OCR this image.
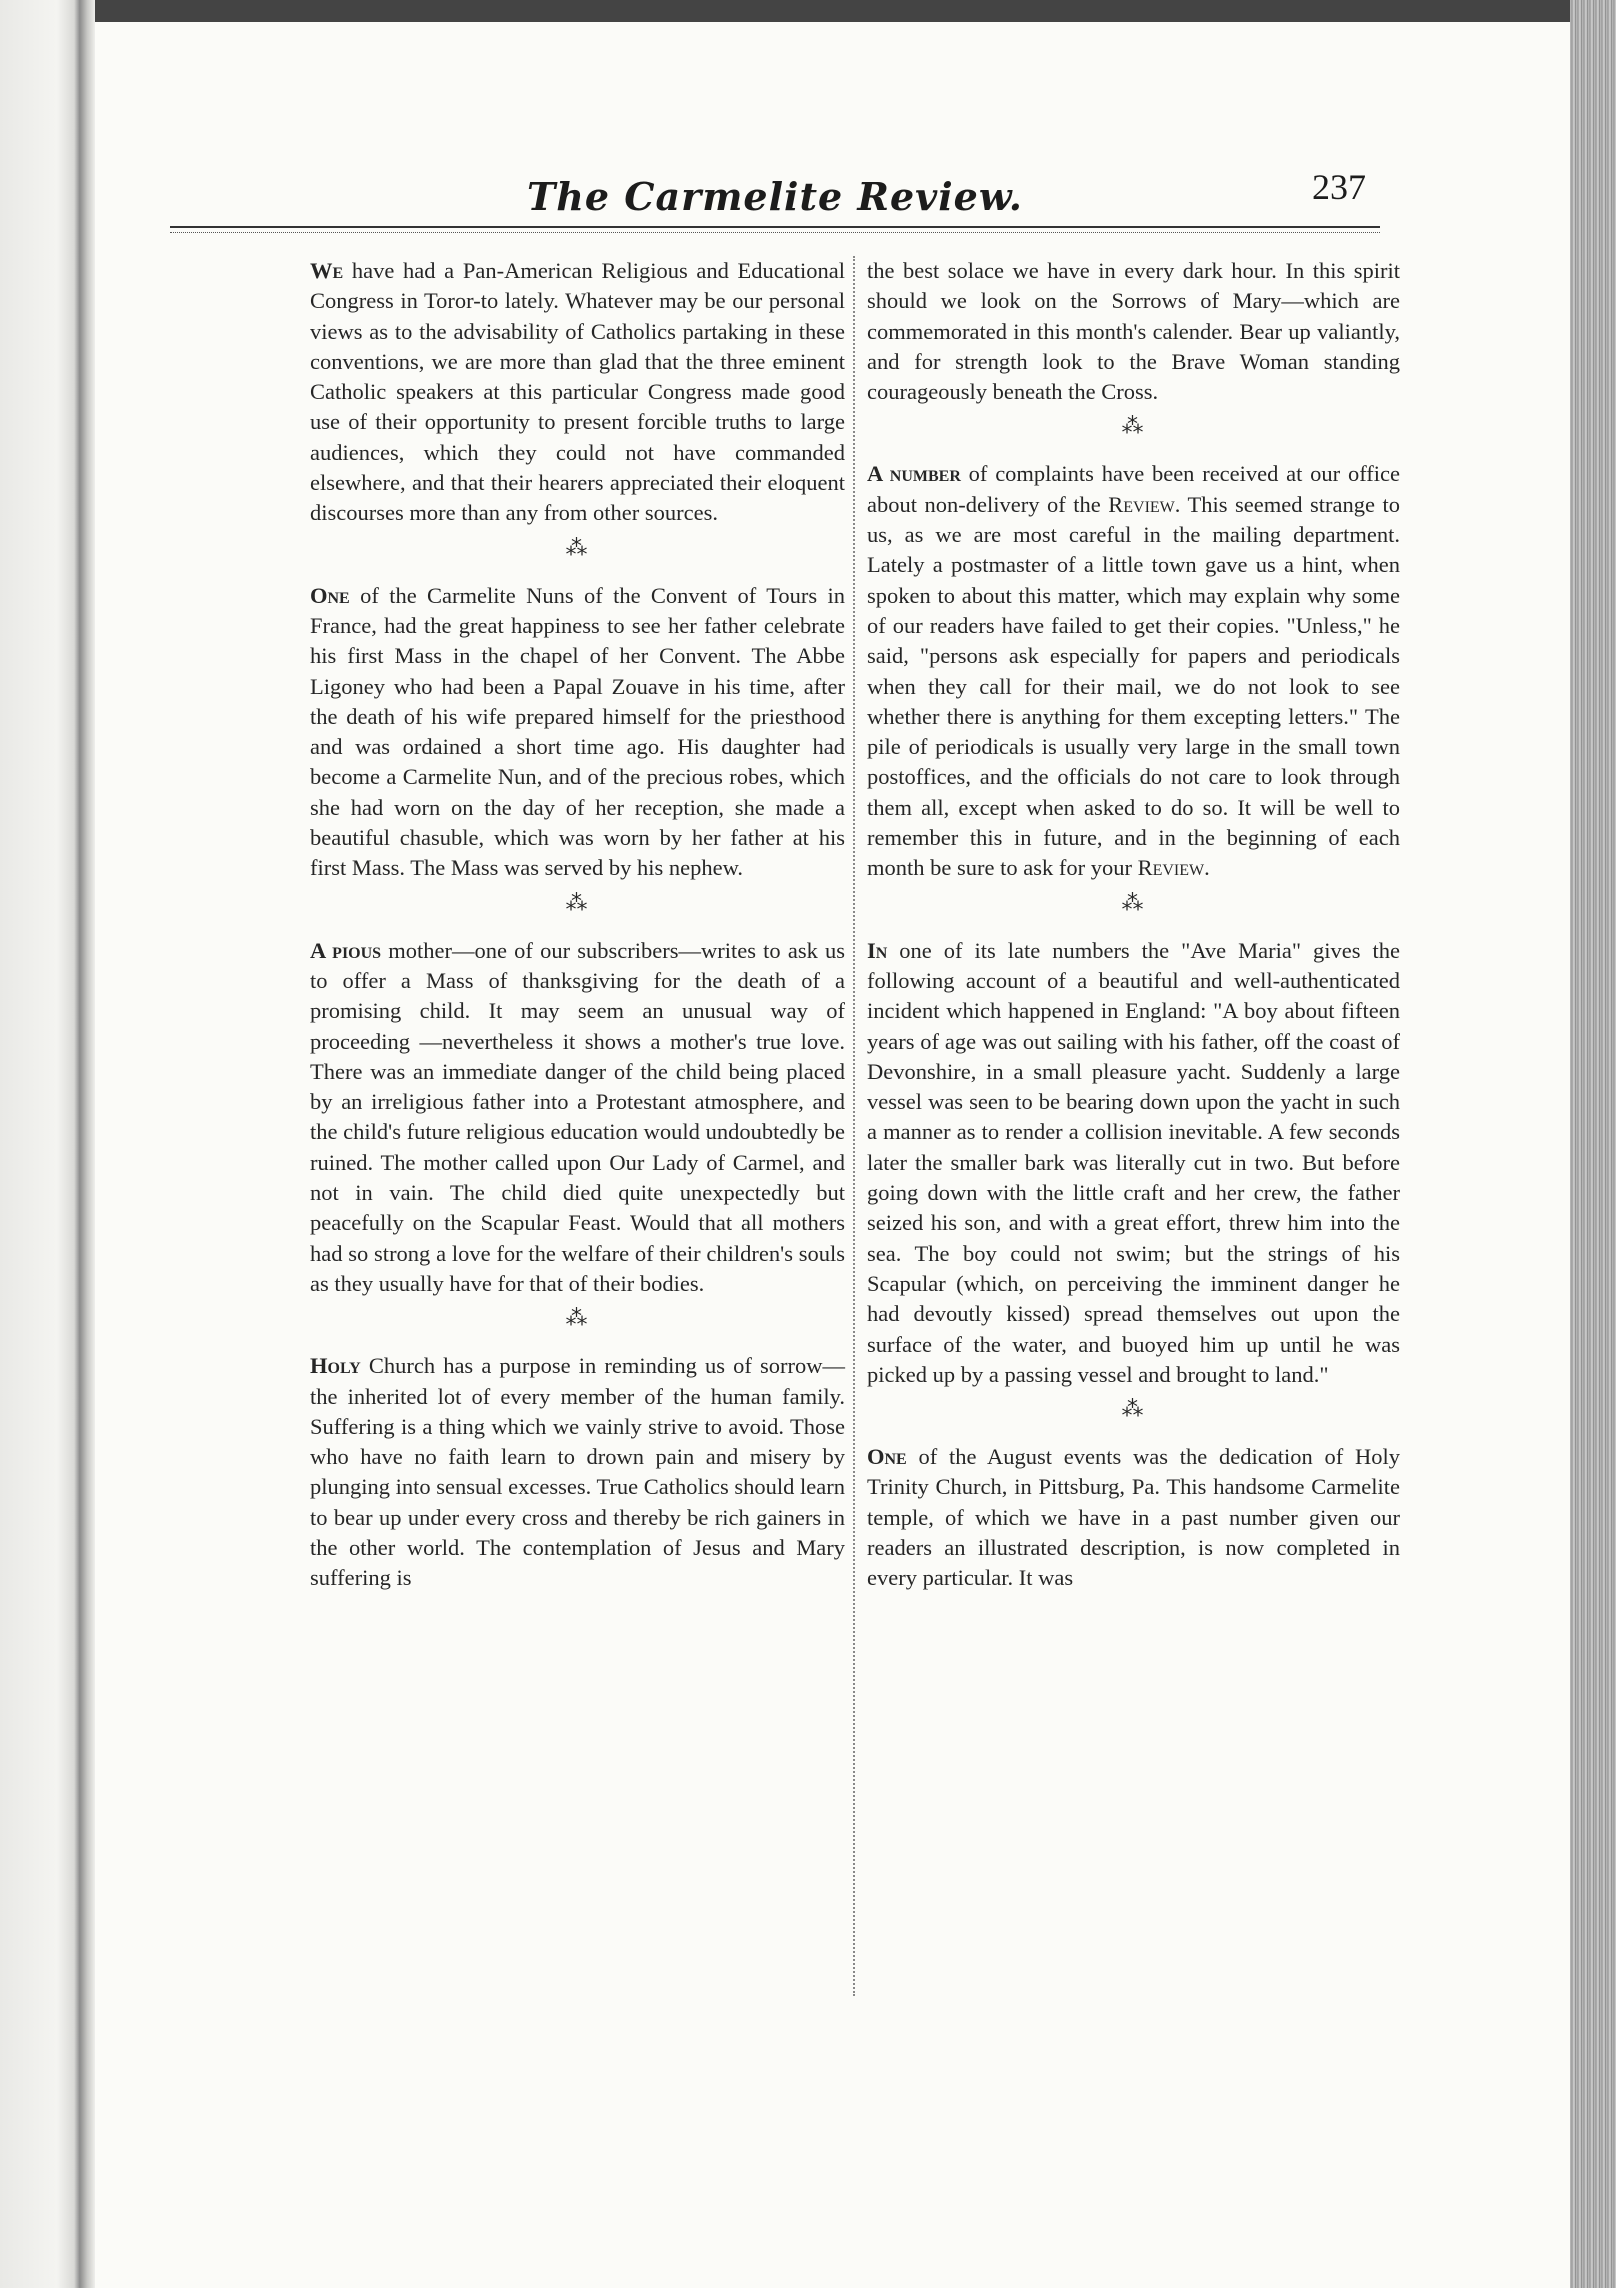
The Carmelite Review.	237

We have had a Pan-American Religious and Educational Congress in Toror-to lately. Whatever may be our personal views as to the advisability of Catholics partaking in these conventions, we are more than glad that the three eminent Catholic speakers at this particular Congress made good use of their opportunity to present forcible truths to large audiences, which they could not have commanded elsewhere, and that their hearers appreciated their eloquent discourses more than any from other sources.

⁂

One of the Carmelite Nuns of the Convent of Tours in France, had the great happiness to see her father celebrate his first Mass in the chapel of her Convent. The Abbe Ligoney who had been a Papal Zouave in his time, after the death of his wife prepared himself for the priesthood and was ordained a short time ago. His daughter had become a Carmelite Nun, and of the precious robes, which she had worn on the day of her reception, she made a beautiful chasuble, which was worn by her father at his first Mass. The Mass was served by his nephew.

⁂

A pious mother—one of our subscribers—writes to ask us to offer a Mass of thanksgiving for the death of a promising child. It may seem an unusual way of proceeding —nevertheless it shows a mother's true love. There was an immediate danger of the child being placed by an irreligious father into a Protestant atmosphere, and the child's future religious education would undoubtedly be ruined. The mother called upon Our Lady of Carmel, and not in vain. The child died quite unexpectedly but peacefully on the Scapular Feast. Would that all mothers had so strong a love for the welfare of their children's souls as they usually have for that of their bodies.

⁂

Holy Church has a purpose in reminding us of sorrow—the inherited lot of every member of the human family. Suffering is a thing which we vainly strive to avoid. Those who have no faith learn to drown pain and misery by plunging into sensual excesses. True Catholics should learn to bear up under every cross and thereby be rich gainers in the other world. The contemplation of Jesus and Mary suffering is

the best solace we have in every dark hour. In this spirit should we look on the Sorrows of Mary—which are commemorated in this month's calender. Bear up valiantly, and for strength look to the Brave Woman standing courageously beneath the Cross.

⁂

A number of complaints have been received at our office about non-delivery of the Review. This seemed strange to us, as we are most careful in the mailing department. Lately a postmaster of a little town gave us a hint, when spoken to about this matter, which may explain why some of our readers have failed to get their copies. "Unless," he said, "persons ask especially for papers and periodicals when they call for their mail, we do not look to see whether there is anything for them excepting letters." The pile of periodicals is usually very large in the small town postoffices, and the officials do not care to look through them all, except when asked to do so. It will be well to remember this in future, and in the beginning of each month be sure to ask for your Review.

⁂

In one of its late numbers the "Ave Maria" gives the following account of a beautiful and well-authenticated incident which happened in England: "A boy about fifteen years of age was out sailing with his father, off the coast of Devonshire, in a small pleasure yacht. Suddenly a large vessel was seen to be bearing down upon the yacht in such a manner as to render a collision inevitable. A few seconds later the smaller bark was literally cut in two. But before going down with the little craft and her crew, the father seized his son, and with a great effort, threw him into the sea. The boy could not swim; but the strings of his Scapular (which, on perceiving the imminent danger he had devoutly kissed) spread themselves out upon the surface of the water, and buoyed him up until he was picked up by a passing vessel and brought to land."

⁂

One of the August events was the dedication of Holy Trinity Church, in Pittsburg, Pa. This handsome Carmelite temple, of which we have in a past number given our readers an illustrated description, is now completed in every particular. It was
